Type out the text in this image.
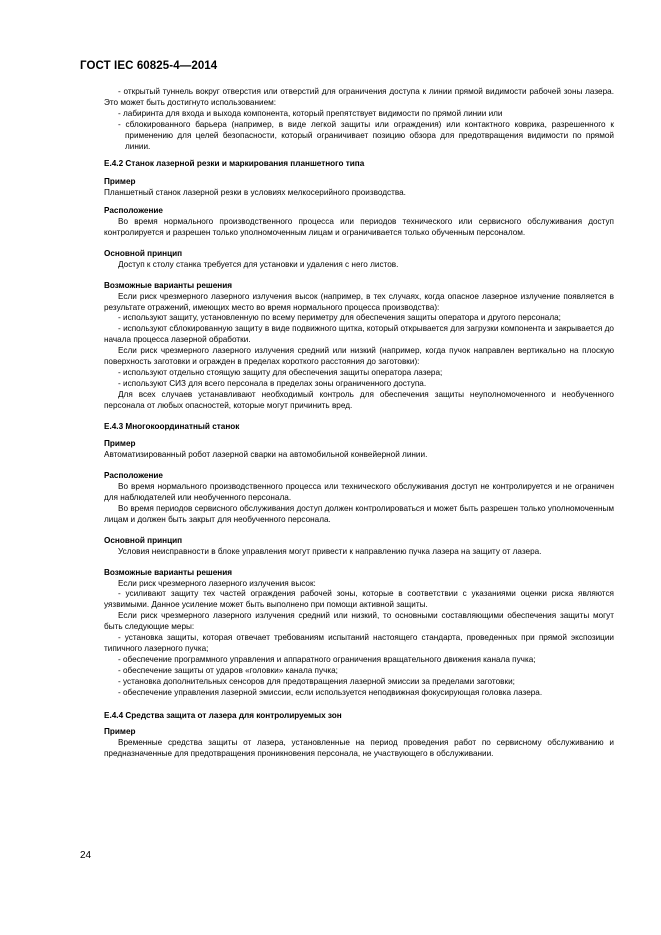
ГОСТ IEC 60825-4—2014

- открытый туннель вокруг отверстия или отверстий для ограничения доступа к линии прямой видимости рабочей зоны лазера. Это может быть достигнуто использованием:

- лабиринта для входа и выхода компонента, который препятствует видимости по прямой линии или
- сблокированного барьера (например, в виде легкой защиты или ограждения) или контактного коврика, разрешенного к применению для целей безопасности, который ограничивает позицию обзора для предотвращения видимости по прямой линии.

Е.4.2 Станок лазерной резки и маркирования планшетного типа

Пример

Планшетный станок лазерной резки в условиях мелкосерийного производства.

Расположение

Во время нормального производственного процесса или периодов технического или сервисного обслуживания доступ контролируется и разрешен только уполномоченным лицам и ограничивается только обученным персоналом.

Основной принцип

Доступ к столу станка требуется для установки и удаления с него листов.

Возможные варианты решения

Если риск чрезмерного лазерного излучения высок (например, в тех случаях, когда опасное лазерное излучение появляется в результате отражений, имеющих место во время нормального процесса производства):

- используют защиту, установленную по всему периметру для обеспечения защиты оператора и другого персонала;

- используют сблокированную защиту в виде подвижного щитка, который открывается для загрузки компонента и закрывается до начала процесса лазерной обработки.

Если риск чрезмерного лазерного излучения средний или низкий (например, когда пучок направлен вертикально на плоскую поверхность заготовки и огражден в пределах короткого расстояния до заготовки):

- используют отдельно стоящую защиту для обеспечения защиты оператора лазера;

- используют СИЗ для всего персонала в пределах зоны ограниченного доступа.

Для всех случаев устанавливают необходимый контроль для обеспечения защиты неуполномоченного и необученного персонала от любых опасностей, которые могут причинить вред.

Е.4.3 Многокоординатный станок

Пример

Автоматизированный робот лазерной сварки на автомобильной конвейерной линии.

Расположение

Во время нормального производственного процесса или технического обслуживания доступ не контролируется и не ограничен для наблюдателей или необученного персонала.

Во время периодов сервисного обслуживания доступ должен контролироваться и может быть разрешен только уполномоченным лицам и должен быть закрыт для необученного персонала.

Основной принцип

Условия неисправности в блоке управления могут привести к направлению пучка лазера на защиту от лазера.

Возможные варианты решения

Если риск чрезмерного лазерного излучения высок:

- усиливают защиту тех частей ограждения рабочей зоны, которые в соответствии с указаниями оценки риска являются уязвимыми. Данное усиление может быть выполнено при помощи активной защиты.

Если риск чрезмерного лазерного излучения средний или низкий, то основными составляющими обеспечения защиты могут быть следующие меры:

- установка защиты, которая отвечает требованиям испытаний настоящего стандарта, проведенных при прямой экспозиции типичного лазерного пучка;

- обеспечение программного управления и аппаратного ограничения вращательного движения канала пучка;

- обеспечение защиты от ударов «головки» канала пучка;

- установка дополнительных сенсоров для предотвращения лазерной эмиссии за пределами заготовки;

- обеспечение управления лазерной эмиссии, если используется неподвижная фокусирующая головка лазера.

Е.4.4 Средства защита от лазера для контролируемых зон

Пример

Временные средства защиты от лазера, установленные на период проведения работ по сервисному обслуживанию и предназначенные для предотвращения проникновения персонала, не участвующего в обслуживании.

24
